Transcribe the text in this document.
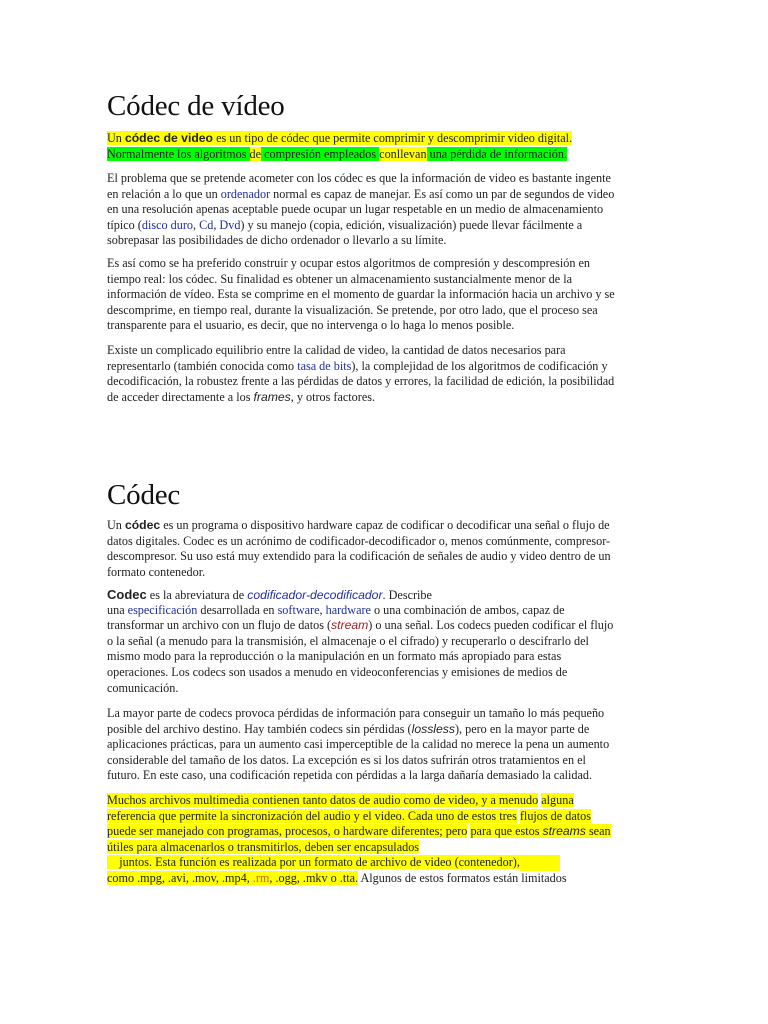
Códec de vídeo
Un códec de video es un tipo de códec que permite comprimir y descomprimir video digital.
Normalmente los algoritmos de compresión empleados conllevan una pérdida de información.
El problema que se pretende acometer con los códec es que la información de video es bastante ingente
en relación a lo que un ordenador normal es capaz de manejar. Es así como un par de segundos de video
en una resolución apenas aceptable puede ocupar un lugar respetable en un medio de almacenamiento
típico (disco duro, Cd, Dvd) y su manejo (copia, edición, visualización) puede llevar fácilmente a
sobrepasar las posibilidades de dicho ordenador o llevarlo a su límite.
Es así como se ha preferido construir y ocupar estos algoritmos de compresión y descompresión en
tiempo real: los códec. Su finalidad es obtener un almacenamiento sustancialmente menor de la
información de vídeo. Esta se comprime en el momento de guardar la información hacia un archivo y se
descomprime, en tiempo real, durante la visualización. Se pretende, por otro lado, que el proceso sea
transparente para el usuario, es decir, que no intervenga o lo haga lo menos posible.
Existe un complicado equilibrio entre la calidad de video, la cantidad de datos necesarios para
representarlo (también conocida como tasa de bits), la complejidad de los algoritmos de codificación y
decodificación, la robustez frente a las pérdidas de datos y errores, la facilidad de edición, la posibilidad
de acceder directamente a los frames, y otros factores.
Códec
Un códec es un programa o dispositivo hardware capaz de codificar o decodificar una señal o flujo de
datos digitales. Codec es un acrónimo de codificador-decodificador o, menos comúnmente, compresor-
descompresor. Su uso está muy extendido para la codificación de señales de audio y video dentro de un
formato contenedor.
Codec es la abreviatura de codificador-decodificador. Describe
una especificación desarrollada en software, hardware o una combinación de ambos, capaz de
transformar un archivo con un flujo de datos (stream) o una señal. Los codecs pueden codificar el flujo
o la señal (a menudo para la transmisión, el almacenaje o el cifrado) y recuperarlo o descifrarlo del
mismo modo para la reproducción o la manipulación en un formato más apropiado para estas
operaciones. Los codecs son usados a menudo en videoconferencias y emisiones de medios de
comunicación.
La mayor parte de codecs provoca pérdidas de información para conseguir un tamaño lo más pequeño
posible del archivo destino. Hay también codecs sin pérdidas (lossless), pero en la mayor parte de
aplicaciones prácticas, para un aumento casi imperceptible de la calidad no merece la pena un aumento
considerable del tamaño de los datos. La excepción es si los datos sufrirán otros tratamientos en el
futuro. En este caso, una codificación repetida con pérdidas a la larga dañaría demasiado la calidad.
Muchos archivos multimedia contienen tanto datos de audio como de video, y a menudo alguna
referencia que permite la sincronización del audio y el video. Cada uno de estos tres flujos de datos
puede ser manejado con programas, procesos, o hardware diferentes; pero para que estos streams sean
útiles para almacenarlos o transmitirlos, deben ser encapsulados
juntos. Esta función es realizada por un formato de archivo de video (contenedor),
como .mpg, .avi, .mov, .mp4, .rm, .ogg, .mkv o .tta. Algunos de estos formatos están limitados
